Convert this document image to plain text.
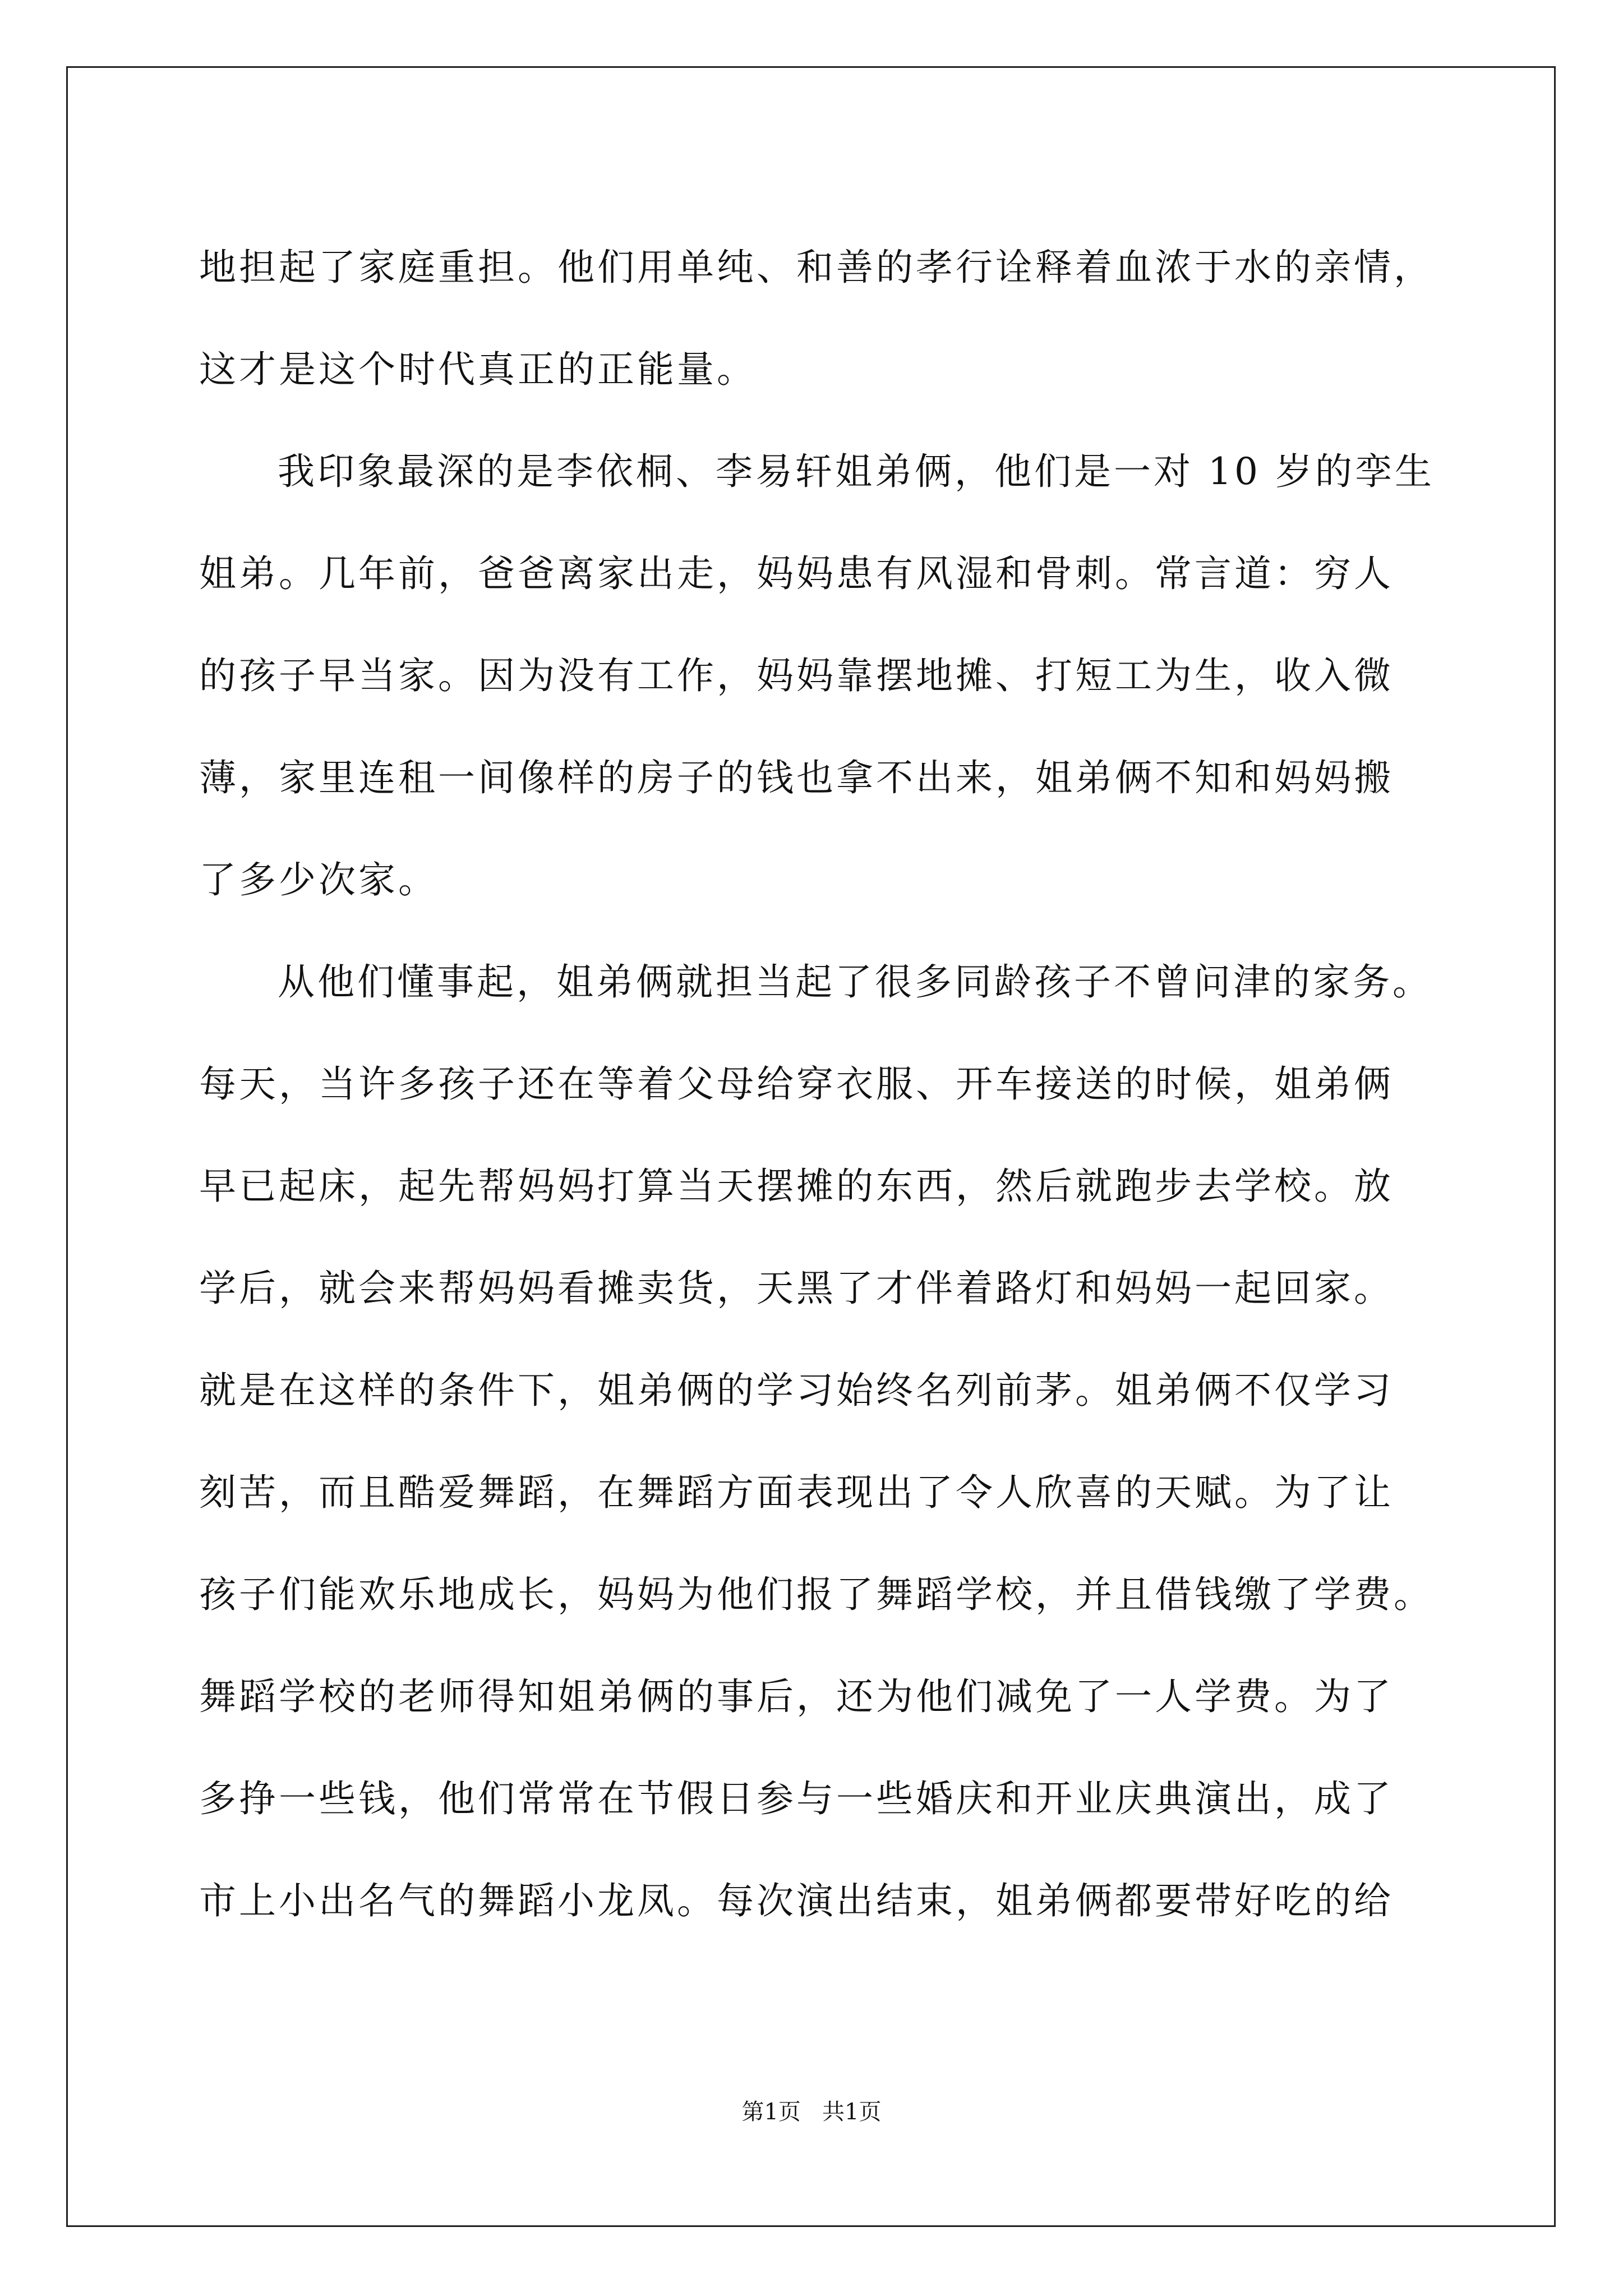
地担起了家庭重担。他们用单纯、和善的孝行诠释着血浓于水的亲情，
这才是这个时代真正的正能量。
我印象最深的是李依桐、李易轩姐弟俩，他们是一对 10 岁的孪生
姐弟。几年前，爸爸离家出走，妈妈患有风湿和骨刺。常言道：穷人
的孩子早当家。因为没有工作，妈妈靠摆地摊、打短工为生，收入微
薄，家里连租一间像样的房子的钱也拿不出来，姐弟俩不知和妈妈搬
了多少次家。
从他们懂事起，姐弟俩就担当起了很多同龄孩子不曾问津的家务。
每天，当许多孩子还在等着父母给穿衣服、开车接送的时候，姐弟俩
早已起床，起先帮妈妈打算当天摆摊的东西，然后就跑步去学校。放
学后，就会来帮妈妈看摊卖货，天黑了才伴着路灯和妈妈一起回家。
就是在这样的条件下，姐弟俩的学习始终名列前茅。姐弟俩不仅学习
刻苦，而且酷爱舞蹈，在舞蹈方面表现出了令人欣喜的天赋。为了让
孩子们能欢乐地成长，妈妈为他们报了舞蹈学校，并且借钱缴了学费。
舞蹈学校的老师得知姐弟俩的事后，还为他们减免了一人学费。为了
多挣一些钱，他们常常在节假日参与一些婚庆和开业庆典演出，成了
市上小出名气的舞蹈小龙凤。每次演出结束，姐弟俩都要带好吃的给
第1页   共1页
